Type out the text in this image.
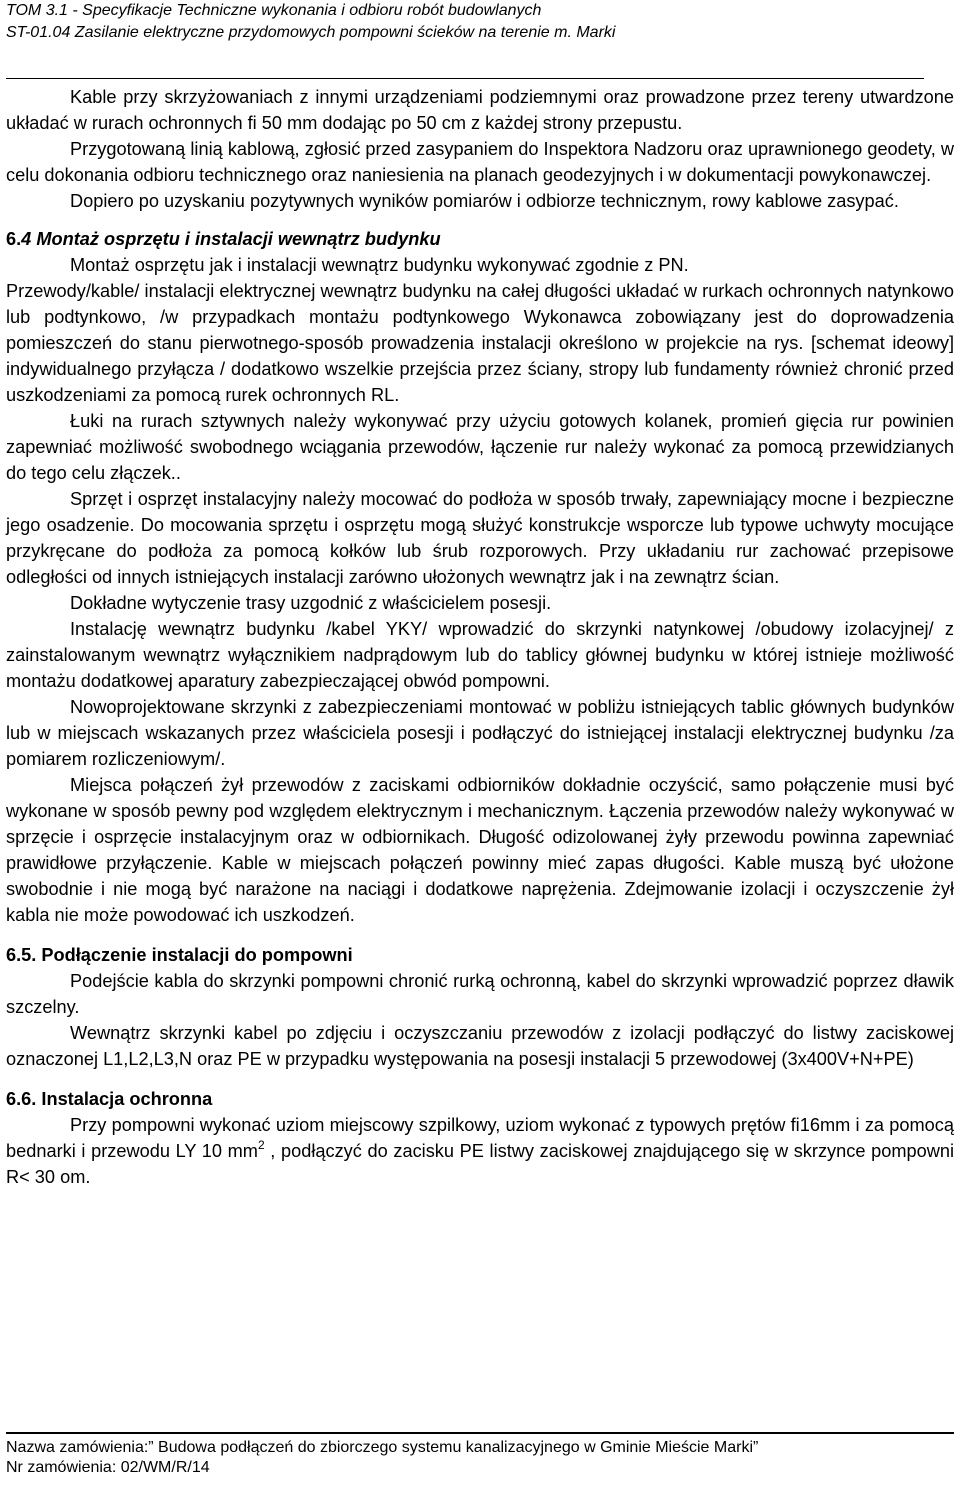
TOM 3.1 - Specyfikacje Techniczne wykonania i odbioru robót budowlanych
ST-01.04 Zasilanie elektryczne przydomowych pompowni ścieków na terenie m. Marki

Kable przy skrzyżowaniach z innymi urządzeniami podziemnymi oraz prowadzone przez tereny utwardzone układać w rurach ochronnych fi 50 mm dodając po 50 cm z każdej strony przepustu.

Przygotowaną linią kablową, zgłosić przed zasypaniem do Inspektora Nadzoru oraz uprawnionego geodety, w celu dokonania odbioru technicznego oraz naniesienia na planach geodezyjnych i w dokumentacji powykonawczej.

Dopiero po uzyskaniu pozytywnych wyników pomiarów i odbiorze technicznym, rowy kablowe zasypać.

6.4 Montaż osprzętu i instalacji wewnątrz budynku

Montaż osprzętu jak i instalacji wewnątrz budynku wykonywać zgodnie z PN.

Przewody/kable/ instalacji elektrycznej wewnątrz budynku na całej długości układać w rurkach ochronnych natynkowo lub podtynkowo, /w przypadkach montażu podtynkowego Wykonawca zobowiązany jest do doprowadzenia pomieszczeń do stanu pierwotnego-sposób prowadzenia instalacji określono w projekcie na rys. [schemat ideowy] indywidualnego przyłącza / dodatkowo wszelkie przejścia przez ściany, stropy lub fundamenty również chronić przed uszkodzeniami za pomocą rurek ochronnych RL.

Łuki na rurach sztywnych należy wykonywać przy użyciu gotowych kolanek, promień gięcia rur powinien zapewniać możliwość swobodnego wciągania przewodów, łączenie rur należy wykonać za pomocą przewidzianych do tego celu złączek..

Sprzęt i osprzęt instalacyjny należy mocować do podłoża w sposób trwały, zapewniający mocne i bezpieczne jego osadzenie. Do mocowania sprzętu i osprzętu mogą służyć konstrukcje wsporcze lub typowe uchwyty mocujące przykręcane do podłoża za pomocą kołków lub śrub rozporowych. Przy układaniu rur zachować przepisowe odległości od innych istniejących instalacji zarówno ułożonych wewnątrz jak i na zewnątrz ścian.

Dokładne wytyczenie trasy uzgodnić z właścicielem posesji.

Instalację wewnątrz budynku /kabel YKY/ wprowadzić do skrzynki natynkowej /obudowy izolacyjnej/ z zainstalowanym wewnątrz wyłącznikiem nadprądowym lub do tablicy głównej budynku w której istnieje możliwość montażu dodatkowej aparatury zabezpieczającej obwód pompowni.

Nowoprojektowane skrzynki z zabezpieczeniami montować w pobliżu istniejących tablic głównych budynków lub w miejscach wskazanych przez właściciela posesji i podłączyć do istniejącej instalacji elektrycznej budynku /za pomiarem rozliczeniowym/.

Miejsca połączeń żył przewodów z zaciskami odbiorników dokładnie oczyścić, samo połączenie musi być wykonane w sposób pewny pod względem elektrycznym i mechanicznym. Łączenia przewodów należy wykonywać w sprzęcie i osprzęcie instalacyjnym oraz w odbiornikach. Długość odizolowanej żyły przewodu powinna zapewniać prawidłowe przyłączenie. Kable w miejscach połączeń powinny mieć zapas długości. Kable muszą być ułożone swobodnie i nie mogą być narażone na naciągi i dodatkowe naprężenia. Zdejmowanie izolacji i oczyszczenie żył kabla nie może powodować ich uszkodzeń.

6.5. Podłączenie instalacji do pompowni

Podejście kabla do skrzynki pompowni chronić rurką ochronną, kabel do skrzynki wprowadzić poprzez dławik szczelny.

Wewnątrz skrzynki kabel po zdjęciu i oczyszczaniu przewodów z izolacji podłączyć do listwy zaciskowej oznaczonej L1,L2,L3,N oraz PE w przypadku występowania na posesji instalacji 5 przewodowej (3x400V+N+PE)

6.6. Instalacja ochronna

Przy pompowni wykonać uziom miejscowy szpilkowy, uziom wykonać z typowych prętów fi16mm i za pomocą bednarki i przewodu LY 10 $mm^2$ , podłączyć do zacisku PE listwy zaciskowej znajdującego się w skrzynce pompowni R< 30 om.

Nazwa zamówienia:” Budowa podłączeń do zbiorczego systemu kanalizacyjnego w Gminie Mieście Marki”

Nr zamówienia: 02/WM/R/14
